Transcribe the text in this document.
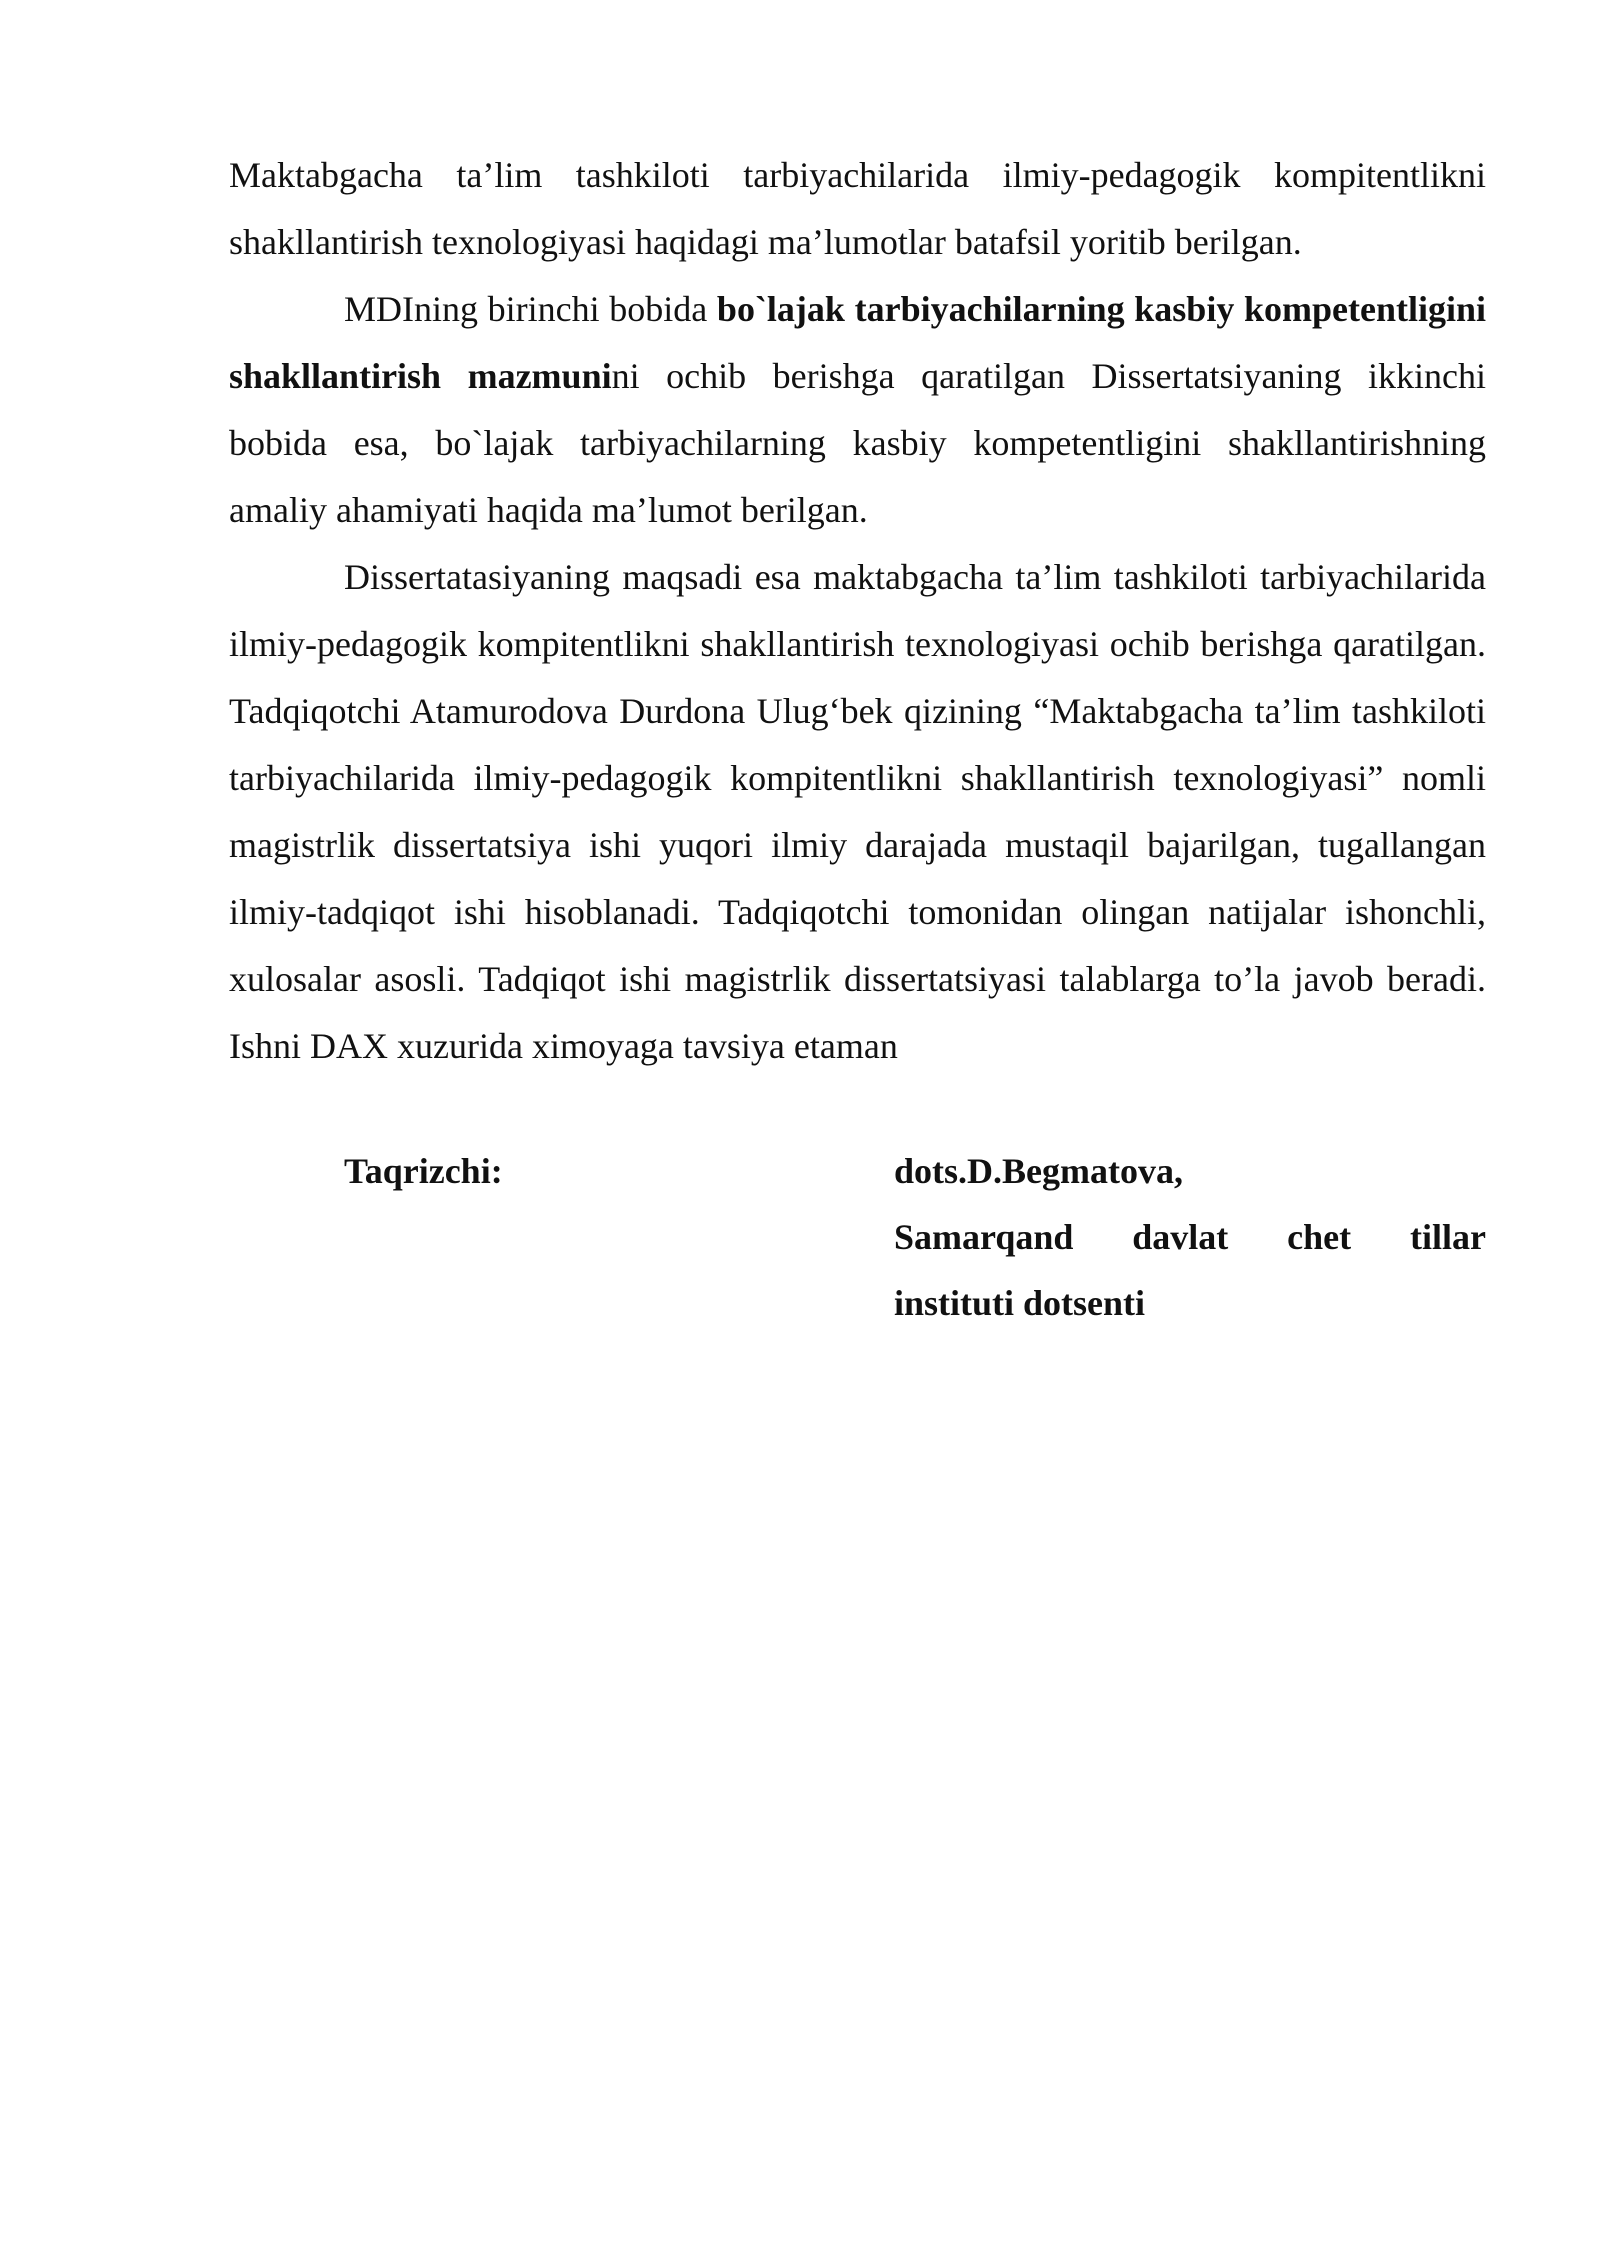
Maktabgacha ta’lim tashkiloti tarbiyachilarida ilmiy-pedagogik kompitentlikni shakllantirish texnologiyasi haqidagi ma’lumotlar batafsil yoritib berilgan.

MDIning birinchi bobida bo`lajak tarbiyachilarning kasbiy kompetentligini shakllantirish mazmunini ochib berishga qaratilgan Dissertatsiyaning ikkinchi bobida esa, bo`lajak tarbiyachilarning kasbiy kompetentligini shakllantirishning amaliy ahamiyati haqida ma’lumot berilgan.

Dissertatasiyaning maqsadi esa maktabgacha ta’lim tashkiloti tarbiyachilarida ilmiy-pedagogik kompitentlikni shakllantirish texnologiyasi ochib berishga qaratilgan. Tadqiqotchi Atamurodova Durdona Ulug‘bek qizining “Maktabgacha ta’lim tashkiloti tarbiyachilarida ilmiy-pedagogik kompitentlikni shakllantirish texnologiyasi” nomli magistrlik dissertatsiya ishi yuqori ilmiy darajada mustaqil bajarilgan, tugallangan ilmiy-tadqiqot ishi hisoblanadi. Tadqiqotchi tomonidan olingan natijalar ishonchli, xulosalar asosli. Tadqiqot ishi magistrlik dissertatsiyasi talablarga to’la javob beradi. Ishni DAX xuzurida ximoyaga tavsiya etaman

Taqrizchi:	dots.D.Begmatova,
Samarqand davlat chet tillar
instituti dotsenti
